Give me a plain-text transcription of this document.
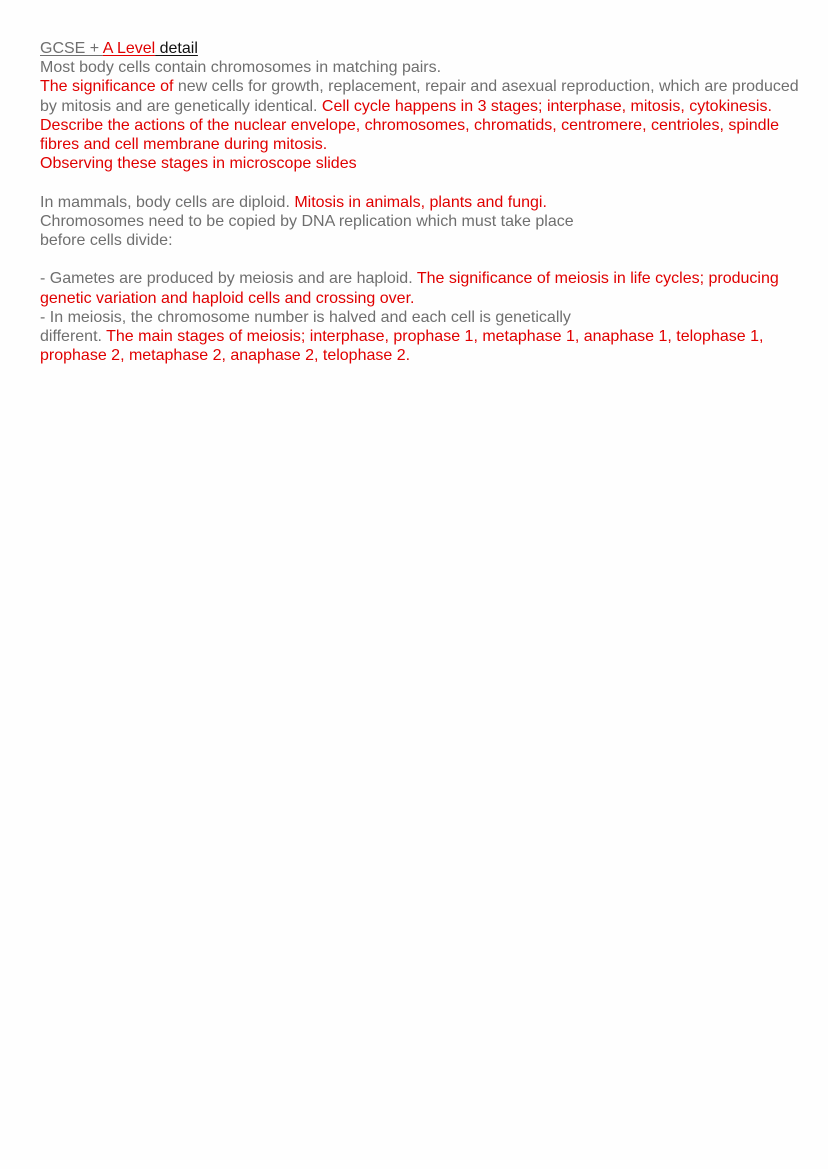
GCSE + A Level detail

Most body cells contain chromosomes in matching pairs.

The significance of new cells for growth, replacement, repair and asexual reproduction, which are produced by mitosis and are genetically identical. Cell cycle happens in 3 stages; interphase, mitosis, cytokinesis. Describe the actions of the nuclear envelope, chromosomes, chromatids, centromere, centrioles, spindle fibres and cell membrane during mitosis.

Observing these stages in microscope slides

In mammals, body cells are diploid. Mitosis in animals, plants and fungi.

Chromosomes need to be copied by DNA replication which must take place

before cells divide:

- Gametes are produced by meiosis and are haploid. The significance of meiosis in life cycles; producing genetic variation and haploid cells and crossing over.

- In meiosis, the chromosome number is halved and each cell is genetically

different. The main stages of meiosis; interphase, prophase 1, metaphase 1, anaphase 1, telophase 1, prophase 2, metaphase 2, anaphase 2, telophase 2.
